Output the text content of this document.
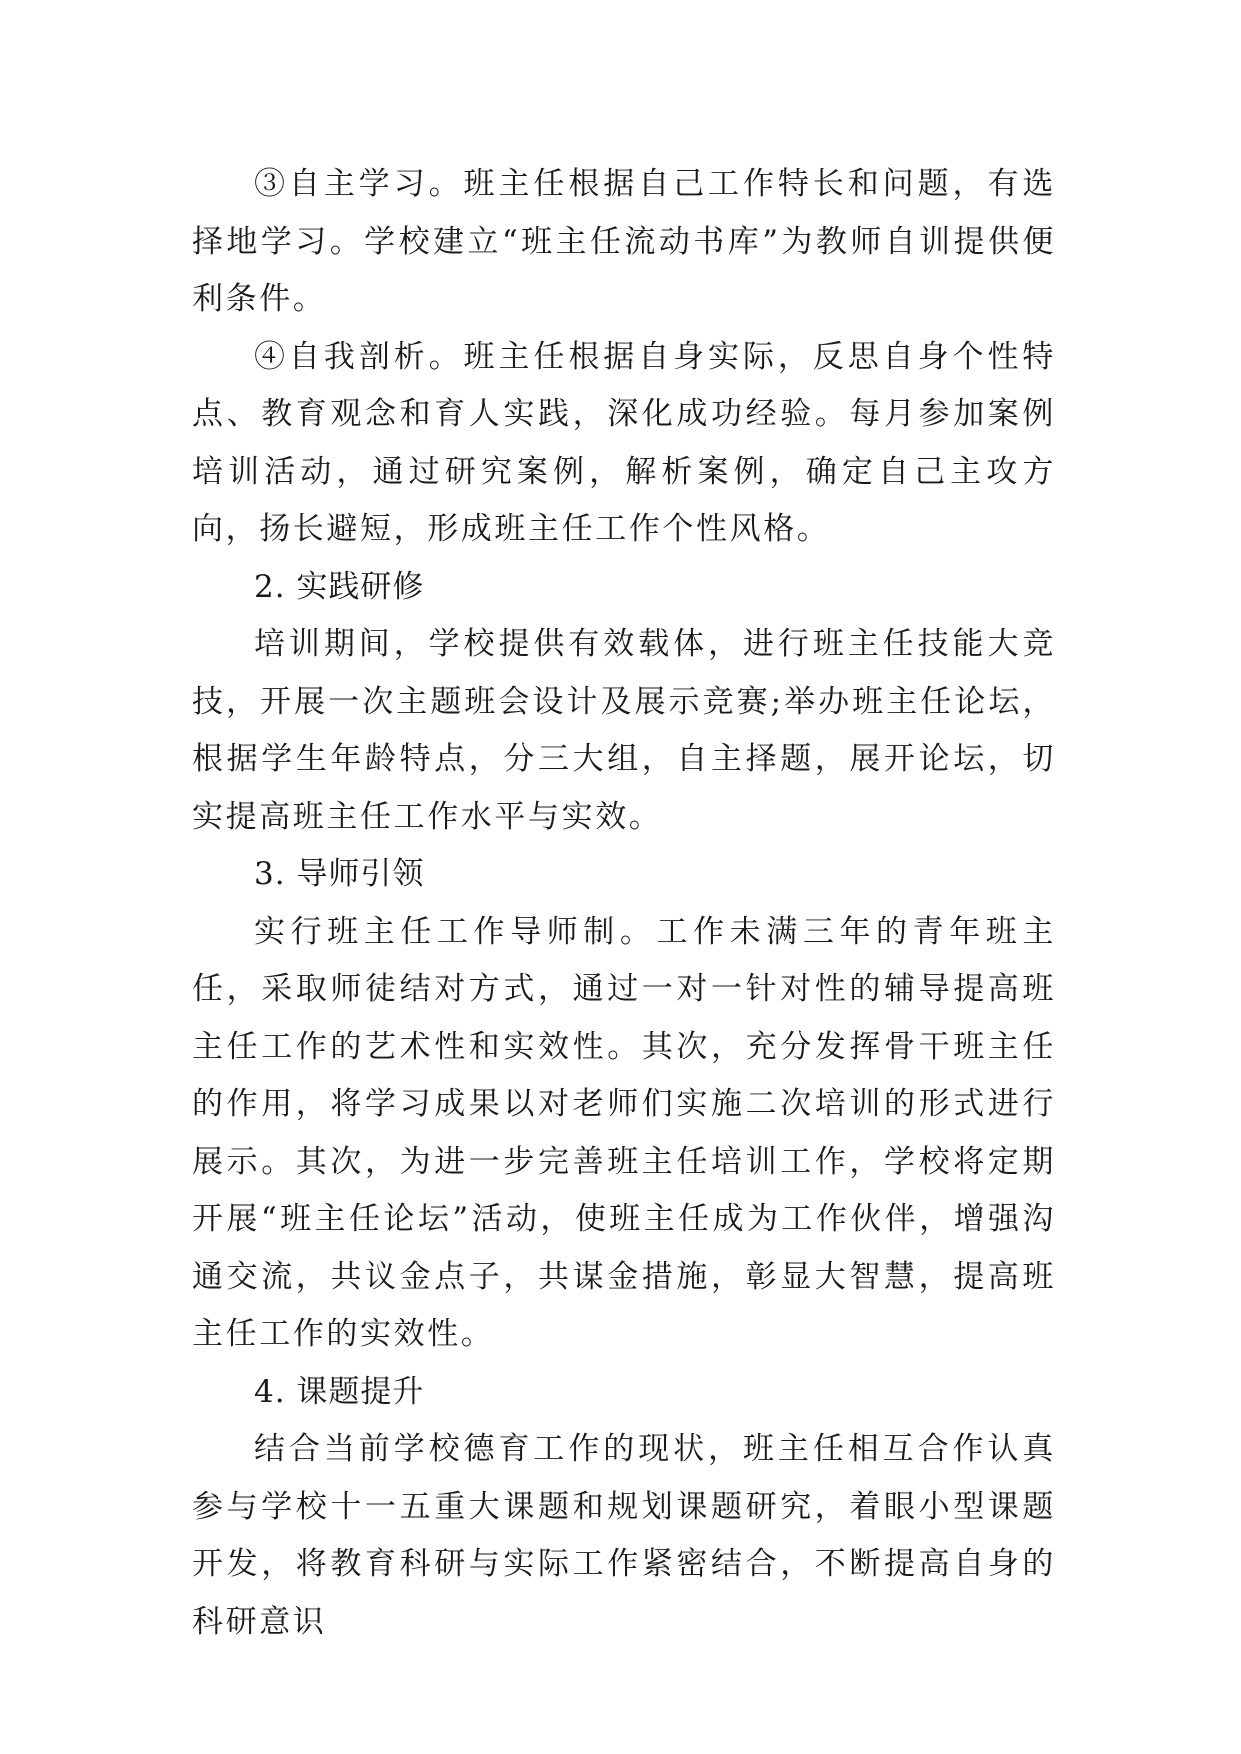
③自主学习。班主任根据自己工作特长和问题，有选择地学习。学校建立“班主任流动书库”为教师自训提供便利条件。

④自我剖析。班主任根据自身实际，反思自身个性特点、教育观念和育人实践，深化成功经验。每月参加案例培训活动，通过研究案例，解析案例，确定自己主攻方向，扬长避短，形成班主任工作个性风格。

2. 实践研修

培训期间，学校提供有效载体，进行班主任技能大竞技，开展一次主题班会设计及展示竞赛;举办班主任论坛，根据学生年龄特点，分三大组，自主择题，展开论坛，切实提高班主任工作水平与实效。

3. 导师引领

实行班主任工作导师制。工作未满三年的青年班主任，采取师徒结对方式，通过一对一针对性的辅导提高班主任工作的艺术性和实效性。其次，充分发挥骨干班主任的作用，将学习成果以对老师们实施二次培训的形式进行展示。其次，为进一步完善班主任培训工作，学校将定期开展“班主任论坛”活动，使班主任成为工作伙伴，增强沟通交流，共议金点子，共谋金措施，彰显大智慧，提高班主任工作的实效性。

4. 课题提升

结合当前学校德育工作的现状，班主任相互合作认真参与学校十一五重大课题和规划课题研究，着眼小型课题开发，将教育科研与实际工作紧密结合，不断提高自身的科研意识
